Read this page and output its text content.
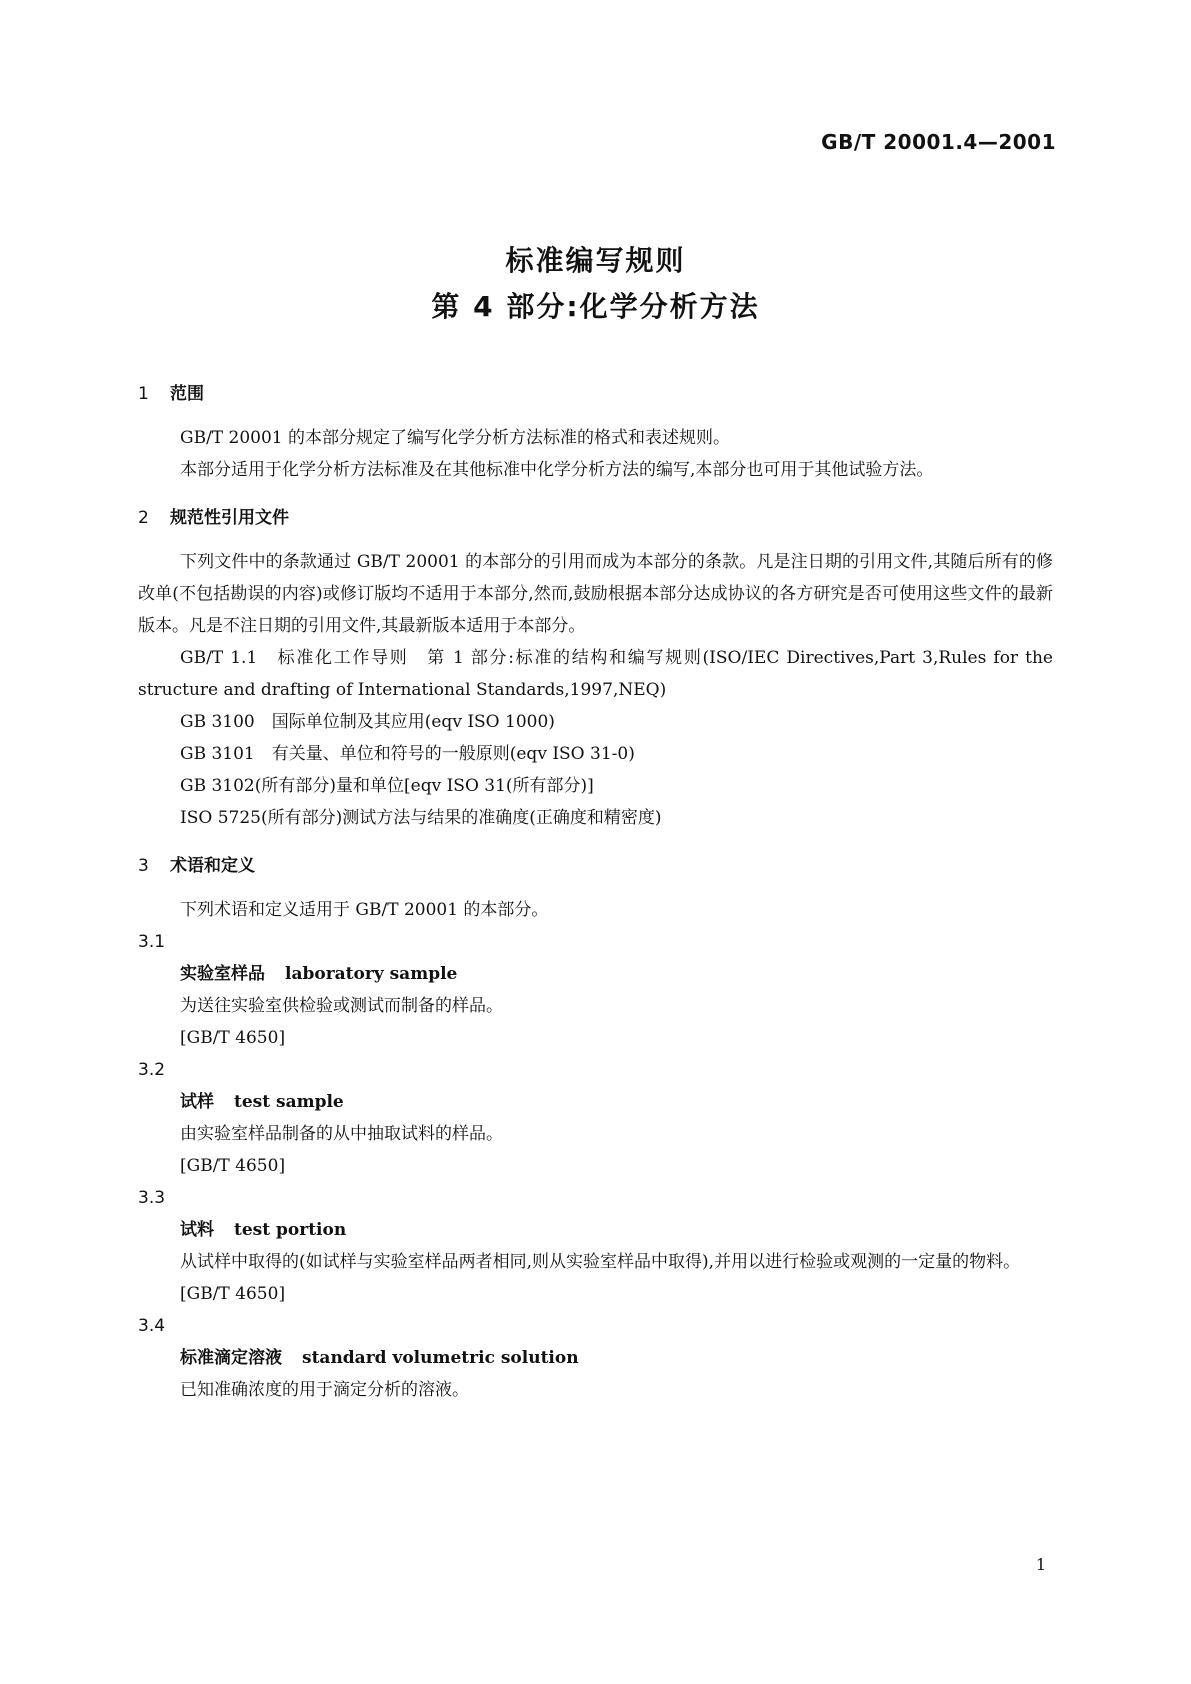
GB/T 20001.4—2001
标准编写规则
第 4 部分:化学分析方法

1 范围

GB/T 20001 的本部分规定了编写化学分析方法标准的格式和表述规则。

本部分适用于化学分析方法标准及在其他标准中化学分析方法的编写,本部分也可用于其他试验方法。

2 规范性引用文件

下列文件中的条款通过 GB/T 20001 的本部分的引用而成为本部分的条款。凡是注日期的引用文件,其随后所有的修改单(不包括勘误的内容)或修订版均不适用于本部分,然而,鼓励根据本部分达成协议的各方研究是否可使用这些文件的最新版本。凡是不注日期的引用文件,其最新版本适用于本部分。

GB/T 1.1　标准化工作导则　第 1 部分:标准的结构和编写规则(ISO/IEC Directives,Part 3,Rules for the structure and drafting of International Standards,1997,NEQ)

GB 3100　国际单位制及其应用(eqv ISO 1000)

GB 3101　有关量、单位和符号的一般原则(eqv ISO 31-0)

GB 3102(所有部分)量和单位[eqv ISO 31(所有部分)]

ISO 5725(所有部分)测试方法与结果的准确度(正确度和精密度)

3 术语和定义

下列术语和定义适用于 GB/T 20001 的本部分。

3.1

实验室样品 laboratory sample

为送往实验室供检验或测试而制备的样品。

[GB/T 4650]

3.2

试样 test sample

由实验室样品制备的从中抽取试料的样品。

[GB/T 4650]

3.3

试料 test portion

从试样中取得的(如试样与实验室样品两者相同,则从实验室样品中取得),并用以进行检验或观测的一定量的物料。

[GB/T 4650]

3.4

标准滴定溶液 standard volumetric solution

已知准确浓度的用于滴定分析的溶液。

1
